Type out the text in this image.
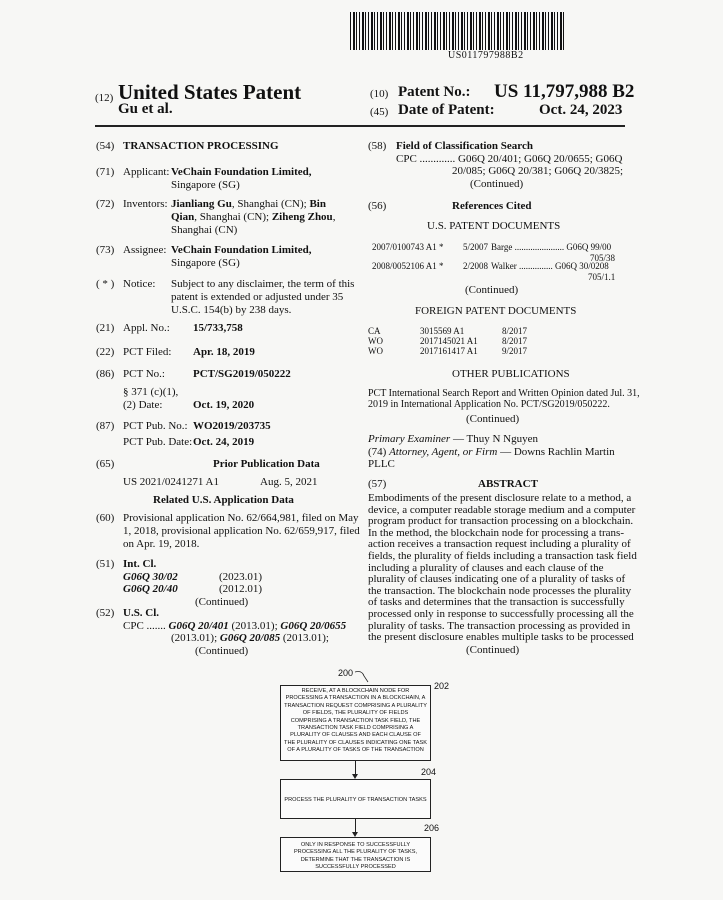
US011797988B2
(12) United States Patent
Gu et al.
(10) Patent No.: US 11,797,988 B2
(45) Date of Patent:	Oct. 24, 2023
(54) TRANSACTION PROCESSING
(71) Applicant: VeChain Foundation Limited,
Singapore (SG)
(72) Inventors: Jianliang Gu, Shanghai (CN); Bin
Qian, Shanghai (CN); Ziheng Zhou,
Shanghai (CN)
(73) Assignee: VeChain Foundation Limited,
Singapore (SG)
( * ) Notice: Subject to any disclaimer, the term of this
patent is extended or adjusted under 35
U.S.C. 154(b) by 238 days.
(21) Appl. No.: 15/733,758
(22) PCT Filed: Apr. 18, 2019
(86) PCT No.:	PCT/SG2019/050222
§ 371 (c)(1),
(2) Date:	Oct. 19, 2020
(87) PCT Pub. No.: WO2019/203735
PCT Pub. Date: Oct. 24, 2019
(65)	Prior Publication Data
US 2021/0241271 A1	Aug. 5, 2021
Related U.S. Application Data
(60) Provisional application No. 62/664,981, filed on May
1, 2018, provisional application No. 62/659,917, filed
on Apr. 19, 2018.
(51) Int. Cl.
G06Q 30/02	(2023.01)
G06Q 20/40	(2012.01)
(Continued)
(52) U.S. Cl.
CPC ....... G06Q 20/401 (2013.01); G06Q 20/0655
(2013.01); G06Q 20/085 (2013.01);
(Continued)
(58) Field of Classification Search
CPC ............. G06Q 20/401; G06Q 20/0655; G06Q
20/085; G06Q 20/381; G06Q 20/3825;
(Continued)
(56)	References Cited
U.S. PATENT DOCUMENTS
2007/0100743 A1 * 5/2007 Barge ...................... G06Q 99/00
705/38
2008/0052106 A1 * 2/2008 Walker ............... G06Q 30/0208
705/1.1
(Continued)
FOREIGN PATENT DOCUMENTS
CA	3015569 A1	8/2017
WO	2017145021 A1	8/2017
WO	2017161417 A1	9/2017
OTHER PUBLICATIONS
PCT International Search Report and Written Opinion dated Jul. 31,
2019 in International Application No. PCT/SG2019/050222.
(Continued)
Primary Examiner — Thuy N Nguyen
(74) Attorney, Agent, or Firm — Downs Rachlin Martin
PLLC
(57)	ABSTRACT
Embodiments of the present disclosure relate to a method, a
device, a computer readable storage medium and a computer
program product for transaction processing on a blockchain.
In the method, the blockchain node for processing a trans-
action receives a transaction request including a plurality of
fields, the plurality of fields including a transaction task field
including a plurality of clauses and each clause of the
plurality of clauses indicating one of a plurality of tasks of
the transaction. The blockchain node processes the plurality
of tasks and determines that the transaction is successfully
processed only in response to successfully processing all the
plurality of tasks. The transaction processing as provided in
the present disclosure enables multiple tasks to be processed
(Continued)
200
RECEIVE, AT A BLOCKCHAIN NODE FOR PROCESSING A TRANSACTION IN A BLOCKCHAIN, A TRANSACTION REQUEST COMPRISING A PLURALITY OF FIELDS, THE PLURALITY OF FIELDS COMPRISING A TRANSACTION TASK FIELD, THE TRANSACTION TASK FIELD COMPRISING A PLURALITY OF CLAUSES AND EACH CLAUSE OF THE PLURALITY OF CLAUSES INDICATING ONE TASK OF A PLURALITY OF TASKS OF THE TRANSACTION
202
PROCESS THE PLURALITY OF TRANSACTION TASKS
204
ONLY IN RESPONSE TO SUCCESSFULLY PROCESSING ALL THE PLURALITY OF TASKS, DETERMINE THAT THE TRANSACTION IS SUCCESSFULLY PROCESSED
206
